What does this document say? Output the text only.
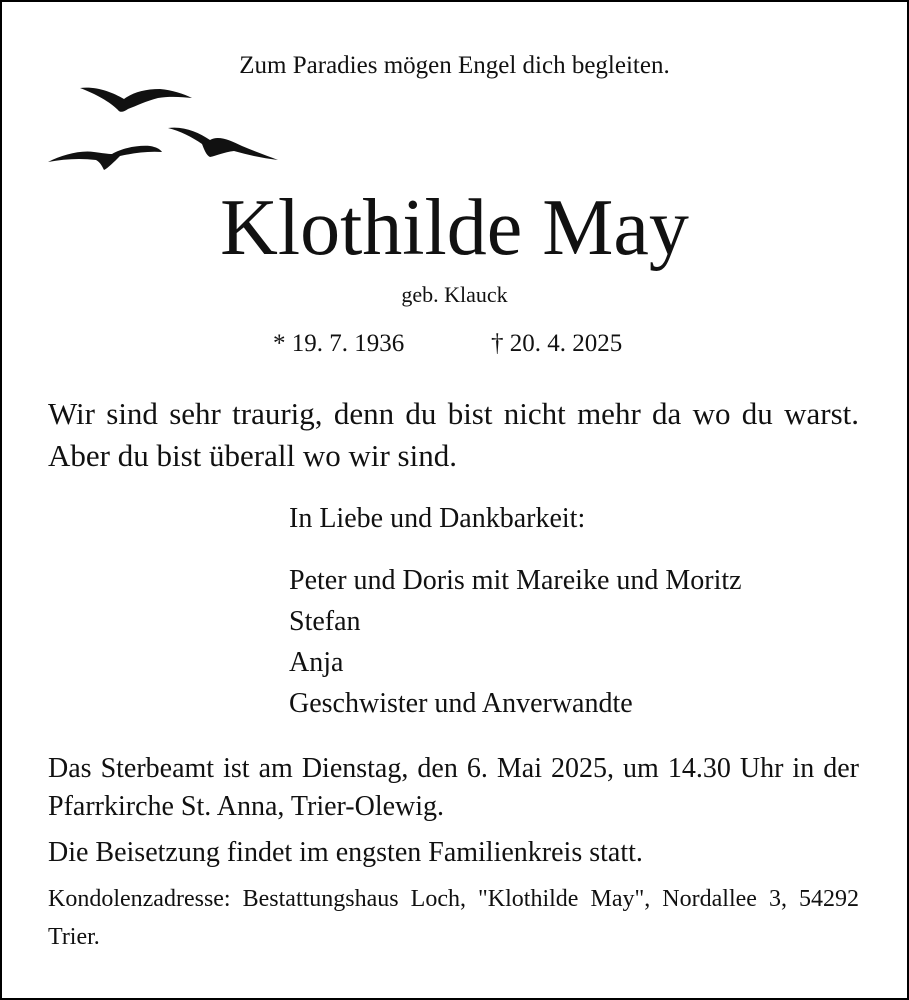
Zum Paradies mögen Engel dich begleiten.
Klothilde May
geb. Klauck
* 19. 7. 1936	† 20. 4. 2025
Wir sind sehr traurig, denn du bist nicht mehr da wo du warst. Aber du bist überall wo wir sind.
In Liebe und Dankbarkeit:
Peter und Doris mit Mareike und Moritz
Stefan
Anja
Geschwister und Anverwandte
Das Sterbeamt ist am Dienstag, den 6. Mai 2025, um 14.30 Uhr in der Pfarrkirche St. Anna, Trier-Olewig.
Die Beisetzung findet im engsten Familienkreis statt.
Kondolenzadresse: Bestattungshaus Loch, "Klothilde May", Nordallee 3, 54292 Trier.
